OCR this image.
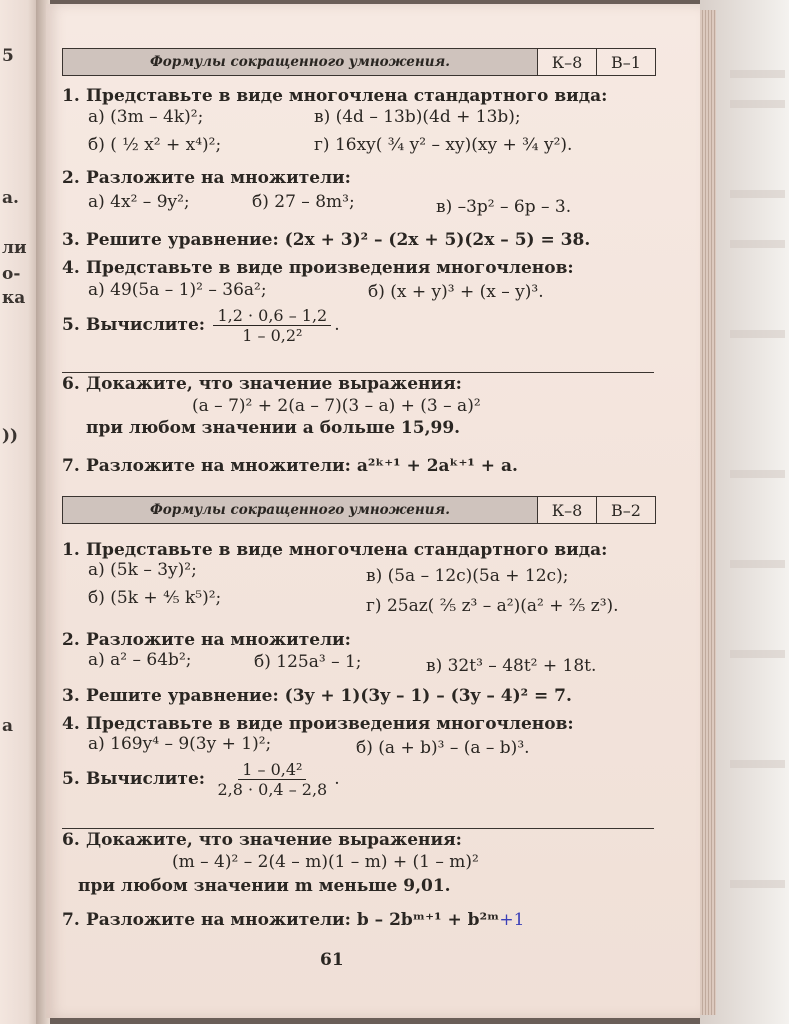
5
а.
ли
о-
ка
))
а
Формулы сокращенного умножения.	К–8	В–1
1. Представьте в виде многочлена стандартного вида:
а) (3m – 4k)²;	в) (4d – 13b)(4d + 13b);
б) ( ½ x² + x⁴)²;	г) 16xy( ¾ y² – xy)(xy + ¾ y²).
2. Разложите на множители:
а) 4x² – 9y²;	б) 27 – 8m³;	в) –3p² – 6p – 3.
3. Решите уравнение: (2x + 3)² – (2x + 5)(2x – 5) = 38.
4. Представьте в виде произведения многочленов:
а) 49(5a – 1)² – 36a²;	б) (x + y)³ + (x – y)³.
5. Вычислите: $\frac{1,2 \cdot 0,6 - 1,2}{\text{1 – 0,2²}}$ .
6. Докажите, что значение выражения:
(a – 7)² + 2(a – 7)(3 – a) + (3 – a)²
при любом значении a больше 15,99.
7. Разложите на множители: a²ᵏ⁺¹ + 2aᵏ⁺¹ + a.
Формулы сокращенного умножения.	К–8	В–2
1. Представьте в виде многочлена стандартного вида:
а) (5k – 3y)²;	в) (5a – 12c)(5a + 12c);
б) (5k + ⅘ k⁵)²;	г) 25az( ⅖ z³ – a²)(a² + ⅖ z³).
2. Разложите на множители:
а) a² – 64b²;	б) 125a³ – 1;	в) 32t³ – 48t² + 18t.
3. Решите уравнение: (3y + 1)(3y – 1) – (3y – 4)² = 7.
4. Представьте в виде произведения многочленов:
а) 169y⁴ – 9(3y + 1)²;	б) (a + b)³ – (a – b)³.
5. Вычислите: $\frac{\text{1 – 0,4²}}{2,8 \cdot 0,4 - 2,8}$ .
6. Докажите, что значение выражения:
(m – 4)² – 2(4 – m)(1 – m) + (1 – m)²
при любом значении m меньше 9,01.
7. Разложите на множители: b – 2bᵐ⁺¹ + b²ᵐ+1
61
